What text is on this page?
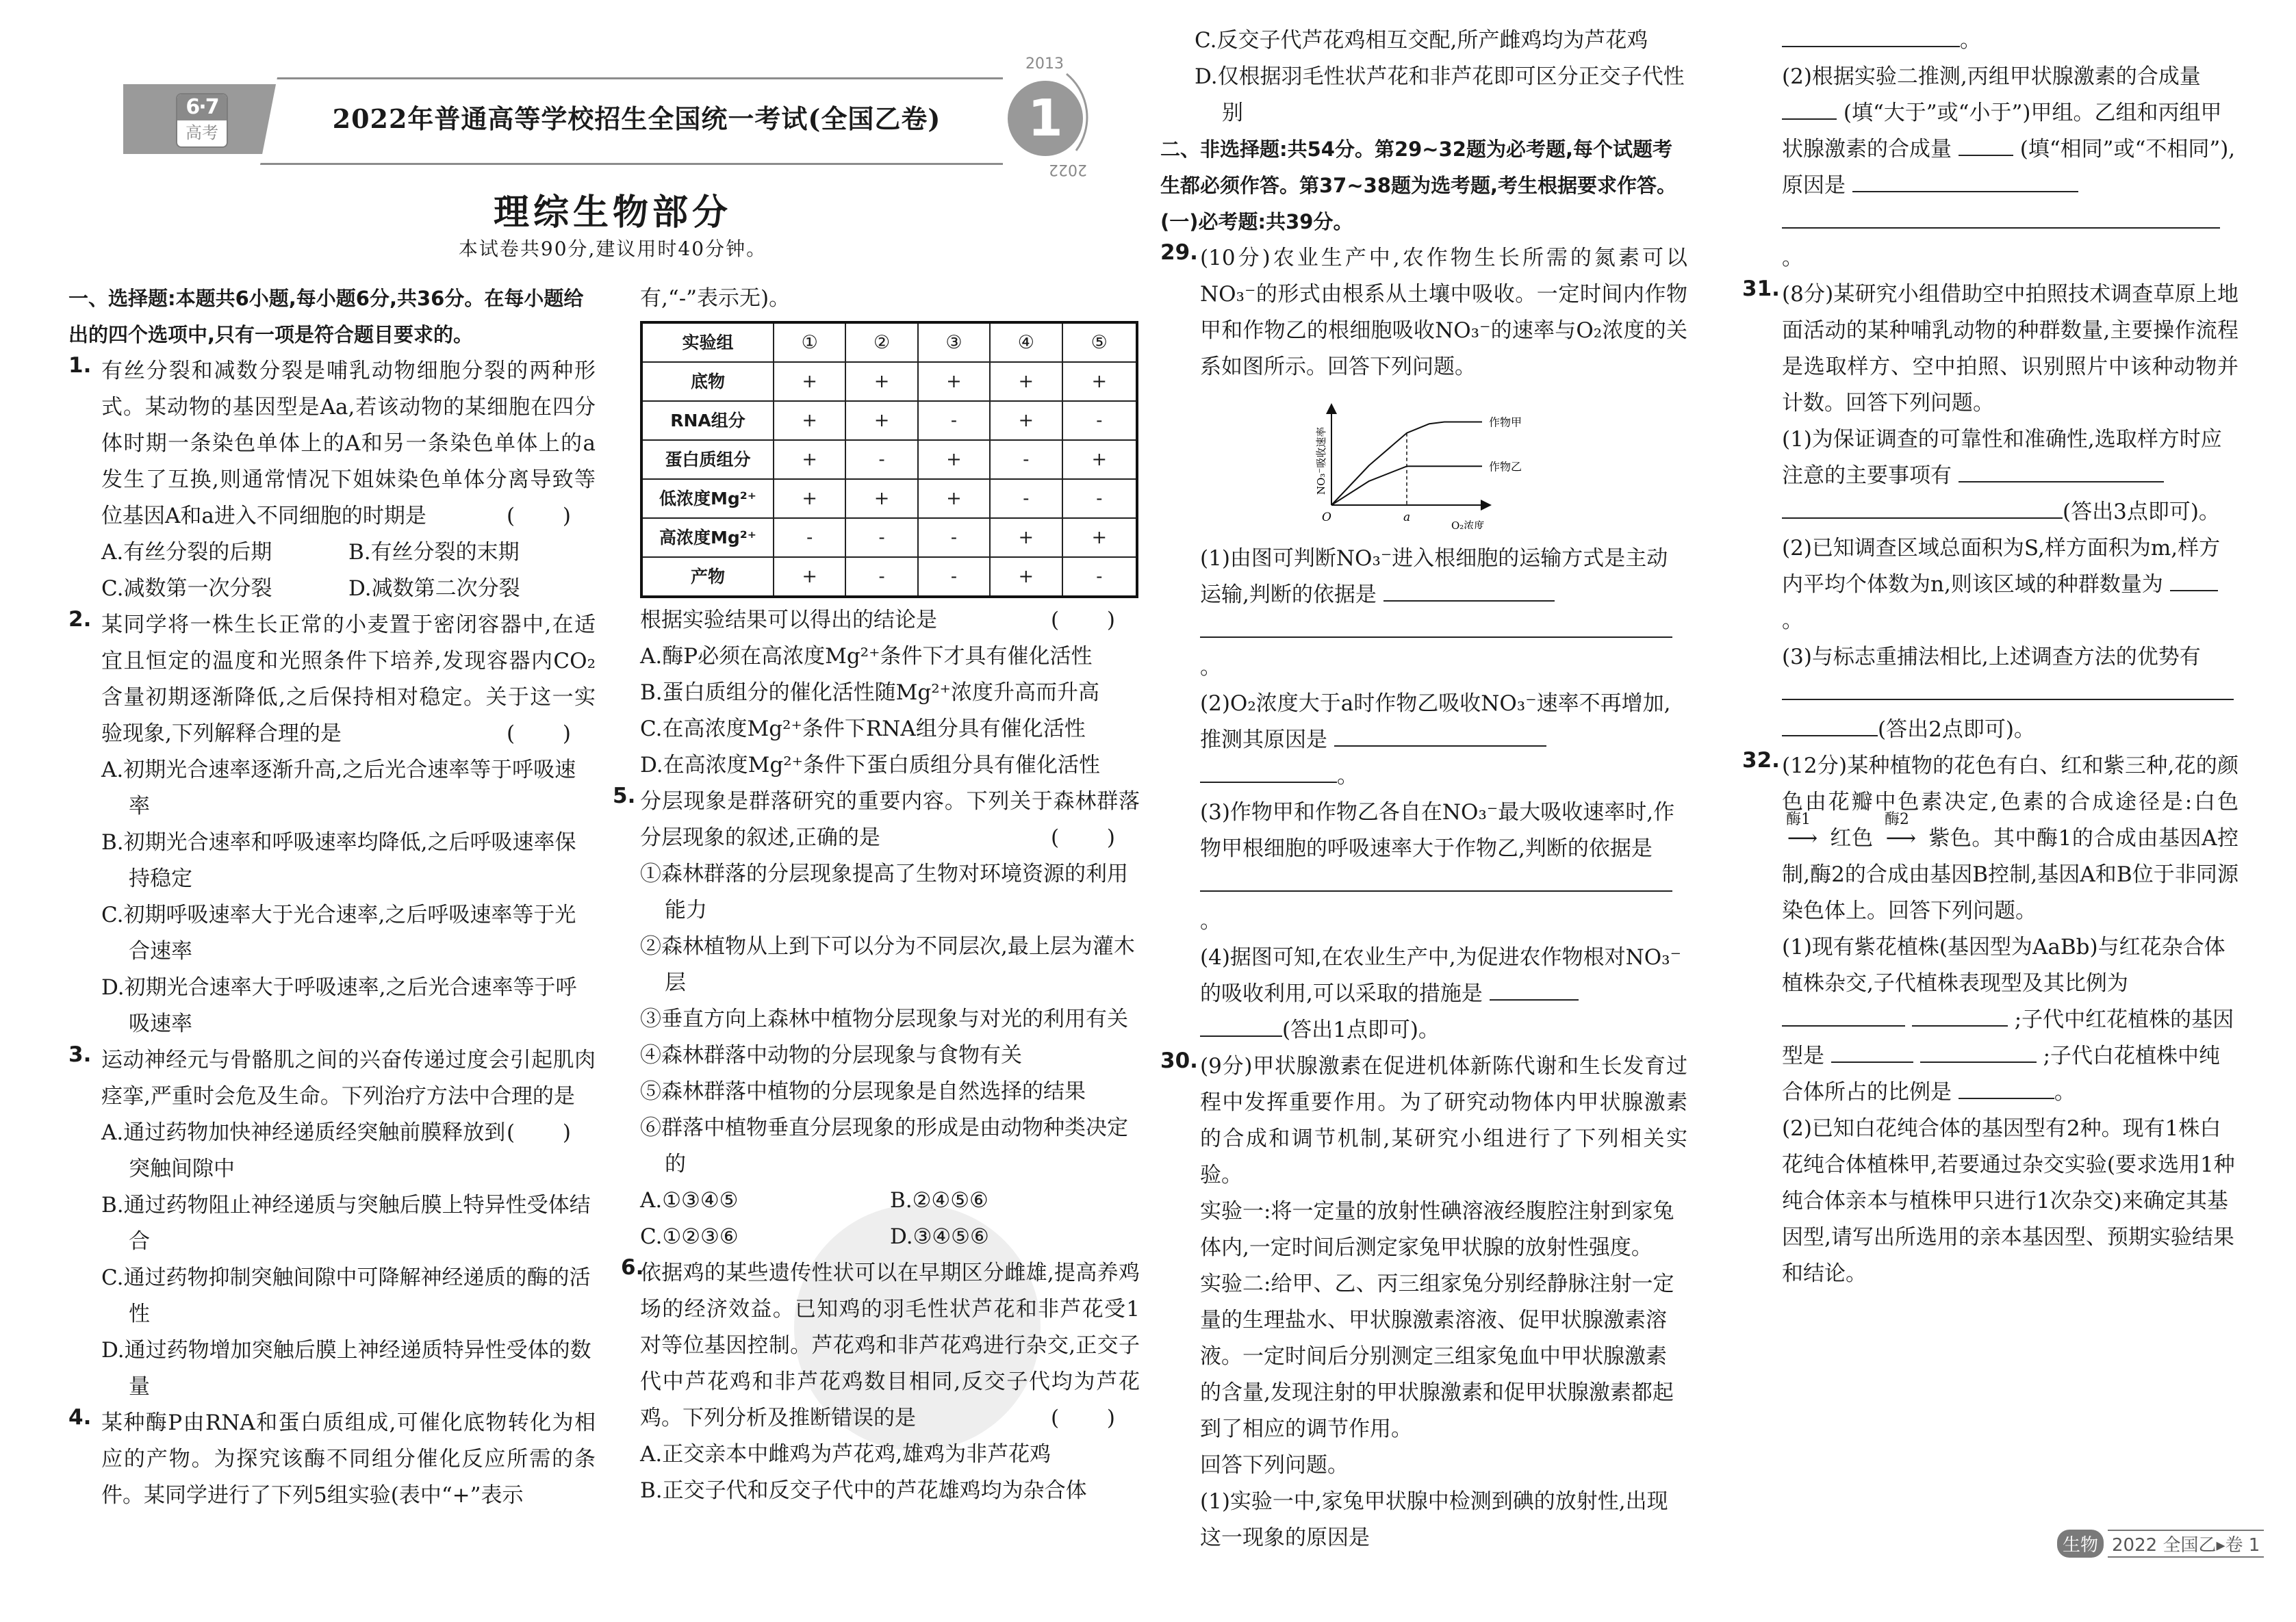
6·7
高考	2022年普通高等学校招生全国统一考试(全国乙卷)
2013
2022
1
理综生物部分
本试卷共90分,建议用时40分钟。
一、选择题:本题共6小题,每小题6分,共36分。在每小题给出的四个选项中,只有一项是符合题目要求的。
1. 有丝分裂和减数分裂是哺乳动物细胞分裂的两种形式。某动物的基因型是Aa,若该动物的某细胞在四分体时期一条染色单体上的A和另一条染色单体上的a发生了互换,则通常情况下姐妹染色单体分离导致等位基因A和a进入不同细胞的时期是	( )
A.有丝分裂的后期	B.有丝分裂的末期
C.减数第一次分裂	D.减数第二次分裂
2. 某同学将一株生长正常的小麦置于密闭容器中,在适宜且恒定的温度和光照条件下培养,发现容器内CO₂含量初期逐渐降低,之后保持相对稳定。关于这一实验现象,下列解释合理的是	( )
A.初期光合速率逐渐升高,之后光合速率等于呼吸速率
B.初期光合速率和呼吸速率均降低,之后呼吸速率保持稳定
C.初期呼吸速率大于光合速率,之后呼吸速率等于光合速率
D.初期光合速率大于呼吸速率,之后光合速率等于呼吸速率
3. 运动神经元与骨骼肌之间的兴奋传递过度会引起肌肉痉挛,严重时会危及生命。下列治疗方法中合理的是
( )
A.通过药物加快神经递质经突触前膜释放到突触间隙中
B.通过药物阻止神经递质与突触后膜上特异性受体结合
C.通过药物抑制突触间隙中可降解神经递质的酶的活性
D.通过药物增加突触后膜上神经递质特异性受体的数量
4. 某种酶P由RNA和蛋白质组成,可催化底物转化为相应的产物。为探究该酶不同组分催化反应所需的条件。某同学进行了下列5组实验(表中“+”表示
有,“-”表示无)。
实验组	①	②	③	④	⑤
底物	+	+	+	+	+
RNA组分	+	+	-	+	-
蛋白质组分	+	-	+	-	+
低浓度Mg²⁺	+	+	+	-	-
高浓度Mg²⁺	-	-	-	+	+
产物	+	-	-	+	-
根据实验结果可以得出的结论是	( )
A.酶P必须在高浓度Mg²⁺条件下才具有催化活性
B.蛋白质组分的催化活性随Mg²⁺浓度升高而升高
C.在高浓度Mg²⁺条件下RNA组分具有催化活性
D.在高浓度Mg²⁺条件下蛋白质组分具有催化活性
5. 分层现象是群落研究的重要内容。下列关于森林群落分层现象的叙述,正确的是	( )
①森林群落的分层现象提高了生物对环境资源的利用能力
②森林植物从上到下可以分为不同层次,最上层为灌木层
③垂直方向上森林中植物分层现象与对光的利用有关
④森林群落中动物的分层现象与食物有关
⑤森林群落中植物的分层现象是自然选择的结果
⑥群落中植物垂直分层现象的形成是由动物种类决定的
A.①③④⑤	B.②④⑤⑥
C.①②③⑥	D.③④⑤⑥
6.
依据鸡的某些遗传性状可以在早期区分雌雄,提高养鸡场的经济效益。已知鸡的羽毛性状芦花和非芦花受1对等位基因控制。芦花鸡和非芦花鸡进行杂交,正交子代中芦花鸡和非芦花鸡数目相同,反交子代均为芦花鸡。下列分析及推断错误的是	( )
A.正交亲本中雌鸡为芦花鸡,雄鸡为非芦花鸡
B.正交子代和反交子代中的芦花雄鸡均为杂合体
C.反交子代芦花鸡相互交配,所产雌鸡均为芦花鸡
D.仅根据羽毛性状芦花和非芦花即可区分正交子代性别
二、非选择题:共54分。第29~32题为必考题,每个试题考生都必须作答。第37~38题为选考题,考生根据要求作答。
(一)必考题:共39分。
29. (10分)农业生产中,农作物生长所需的氮素可以NO₃⁻的形式由根系从土壤中吸收。一定时间内作物甲和作物乙的根细胞吸收NO₃⁻的速率与O₂浓度的关系如图所示。回答下列问题。
作物甲
作物乙
O	a
O₂浓度
NO₃⁻吸收速率
(1)由图可判断NO₃⁻进入根细胞的运输方式是主动运输,判断的依据是
。
(2)O₂浓度大于a时作物乙吸收NO₃⁻速率不再增加,推测其原因是
。
(3)作物甲和作物乙各自在NO₃⁻最大吸收速率时,作物甲根细胞的呼吸速率大于作物乙,判断的依据是
。
(4)据图可知,在农业生产中,为促进农作物根对NO₃⁻的吸收利用,可以采取的措施是
(答出1点即可)。
30. (9分)甲状腺激素在促进机体新陈代谢和生长发育过程中发挥重要作用。为了研究动物体内甲状腺激素的合成和调节机制,某研究小组进行了下列相关实验。
实验一:将一定量的放射性碘溶液经腹腔注射到家兔体内,一定时间后测定家兔甲状腺的放射性强度。
实验二:给甲、乙、丙三组家兔分别经静脉注射一定量的生理盐水、甲状腺激素溶液、促甲状腺激素溶液。一定时间后分别测定三组家兔血中甲状腺激素的含量,发现注射的甲状腺激素和促甲状腺激素都起到了相应的调节作用。
回答下列问题。
(1)实验一中,家兔甲状腺中检测到碘的放射性,出现这一现象的原因是
。
(2)根据实验二推测,丙组甲状腺激素的合成量  (填“大于”或“小于”)甲组。乙组和丙组甲状腺激素的合成量	(填“相同”或“不相同”),原因是
。
31. (8分)某研究小组借助空中拍照技术调查草原上地面活动的某种哺乳动物的种群数量,主要操作流程是选取样方、空中拍照、识别照片中该种动物并计数。回答下列问题。
(1)为保证调查的可靠性和准确性,选取样方时应注意的主要事项有
(答出3点即可)。
(2)已知调查区域总面积为S,样方面积为m,样方内平均个体数为n,则该区域的种群数量为 。
(3)与标志重捕法相比,上述调查方法的优势有
(答出2点即可)。
32. (12分)某种植物的花色有白、红和紫三种,花的颜色由花瓣中色素决定,色素的合成途径是:白色
酶1
⟶ 红色
酶2
⟶ 紫色。其中酶1的合成由基因A控制,酶2的合成由基因B控制,基因A和B位于非同源染色体上。回答下列问题。
(1)现有紫花植株(基因型为AaBb)与红花杂合体植株杂交,子代植株表现型及其比例为   ;子代中红花植株的基因型是	;子代白花植株中纯合体所占的比例是	。
(2)已知白花纯合体的基因型有2种。现有1株白花纯合体植株甲,若要通过杂交实验(要求选用1种纯合体亲本与植株甲只进行1次杂交)来确定其基因型,请写出所选用的亲本基因型、预期实验结果和结论。
生物 2022 全国乙▸卷 1
